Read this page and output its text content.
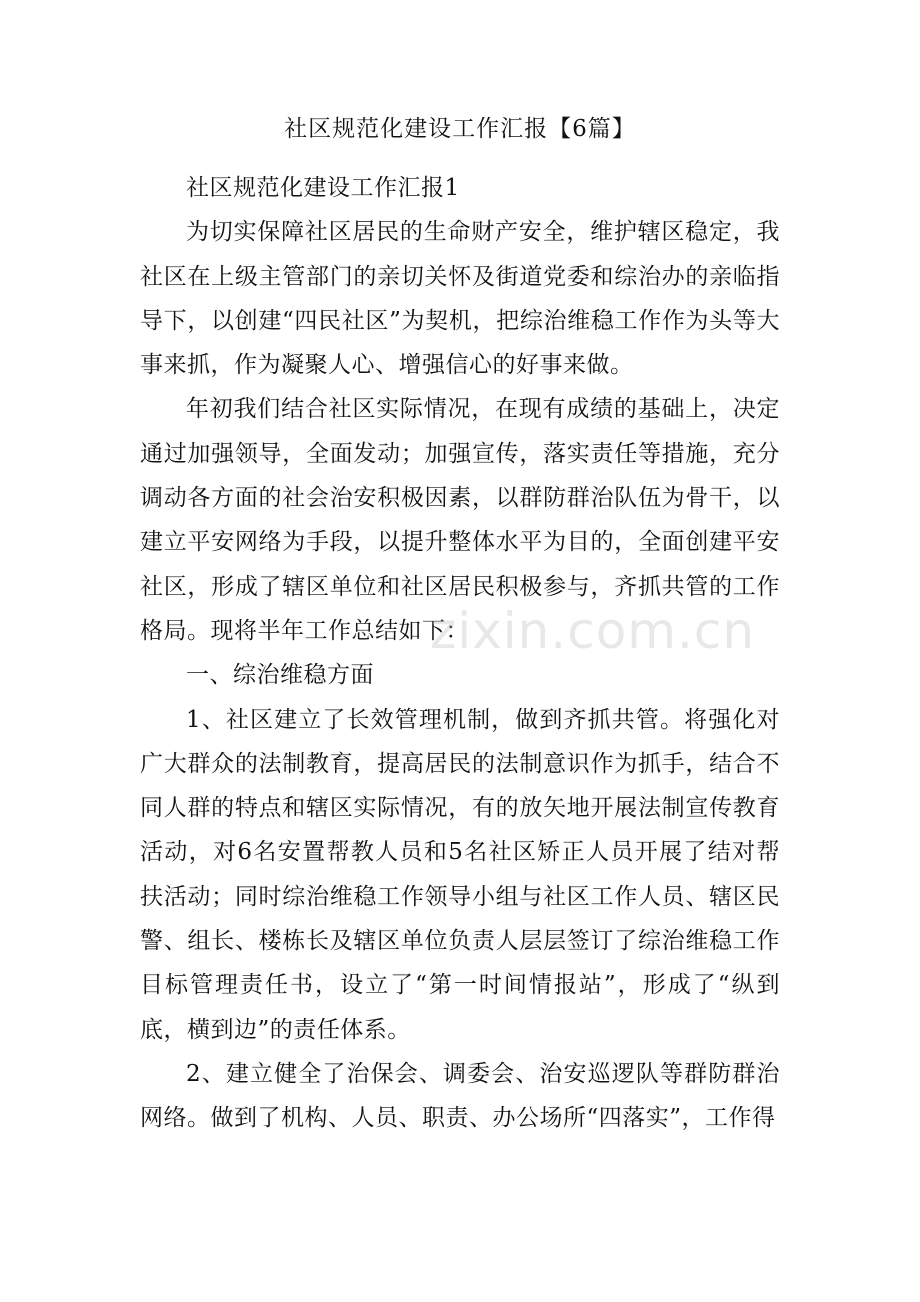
社区规范化建设工作汇报【6篇】

社区规范化建设工作汇报1

为切实保障社区居民的生命财产安全，维护辖区稳定，我社区在上级主管部门的亲切关怀及街道党委和综治办的亲临指导下，以创建“四民社区”为契机，把综治维稳工作作为头等大事来抓，作为凝聚人心、增强信心的好事来做。

年初我们结合社区实际情况，在现有成绩的基础上，决定通过加强领导，全面发动；加强宣传，落实责任等措施，充分调动各方面的社会治安积极因素，以群防群治队伍为骨干，以建立平安网络为手段，以提升整体水平为目的，全面创建平安社区，形成了辖区单位和社区居民积极参与，齐抓共管的工作格局。现将半年工作总结如下：

一、综治维稳方面

1、社区建立了长效管理机制，做到齐抓共管。将强化对广大群众的法制教育，提高居民的法制意识作为抓手，结合不同人群的特点和辖区实际情况，有的放矢地开展法制宣传教育活动，对6名安置帮教人员和5名社区矫正人员开展了结对帮扶活动；同时综治维稳工作领导小组与社区工作人员、辖区民警、组长、楼栋长及辖区单位负责人层层签订了综治维稳工作目标管理责任书，设立了“第一时间情报站”，形成了“纵到底，横到边”的责任体系。

2、建立健全了治保会、调委会、治安巡逻队等群防群治网络。做到了机构、人员、职责、办公场所“四落实”，工作得

zixin.com.cn
